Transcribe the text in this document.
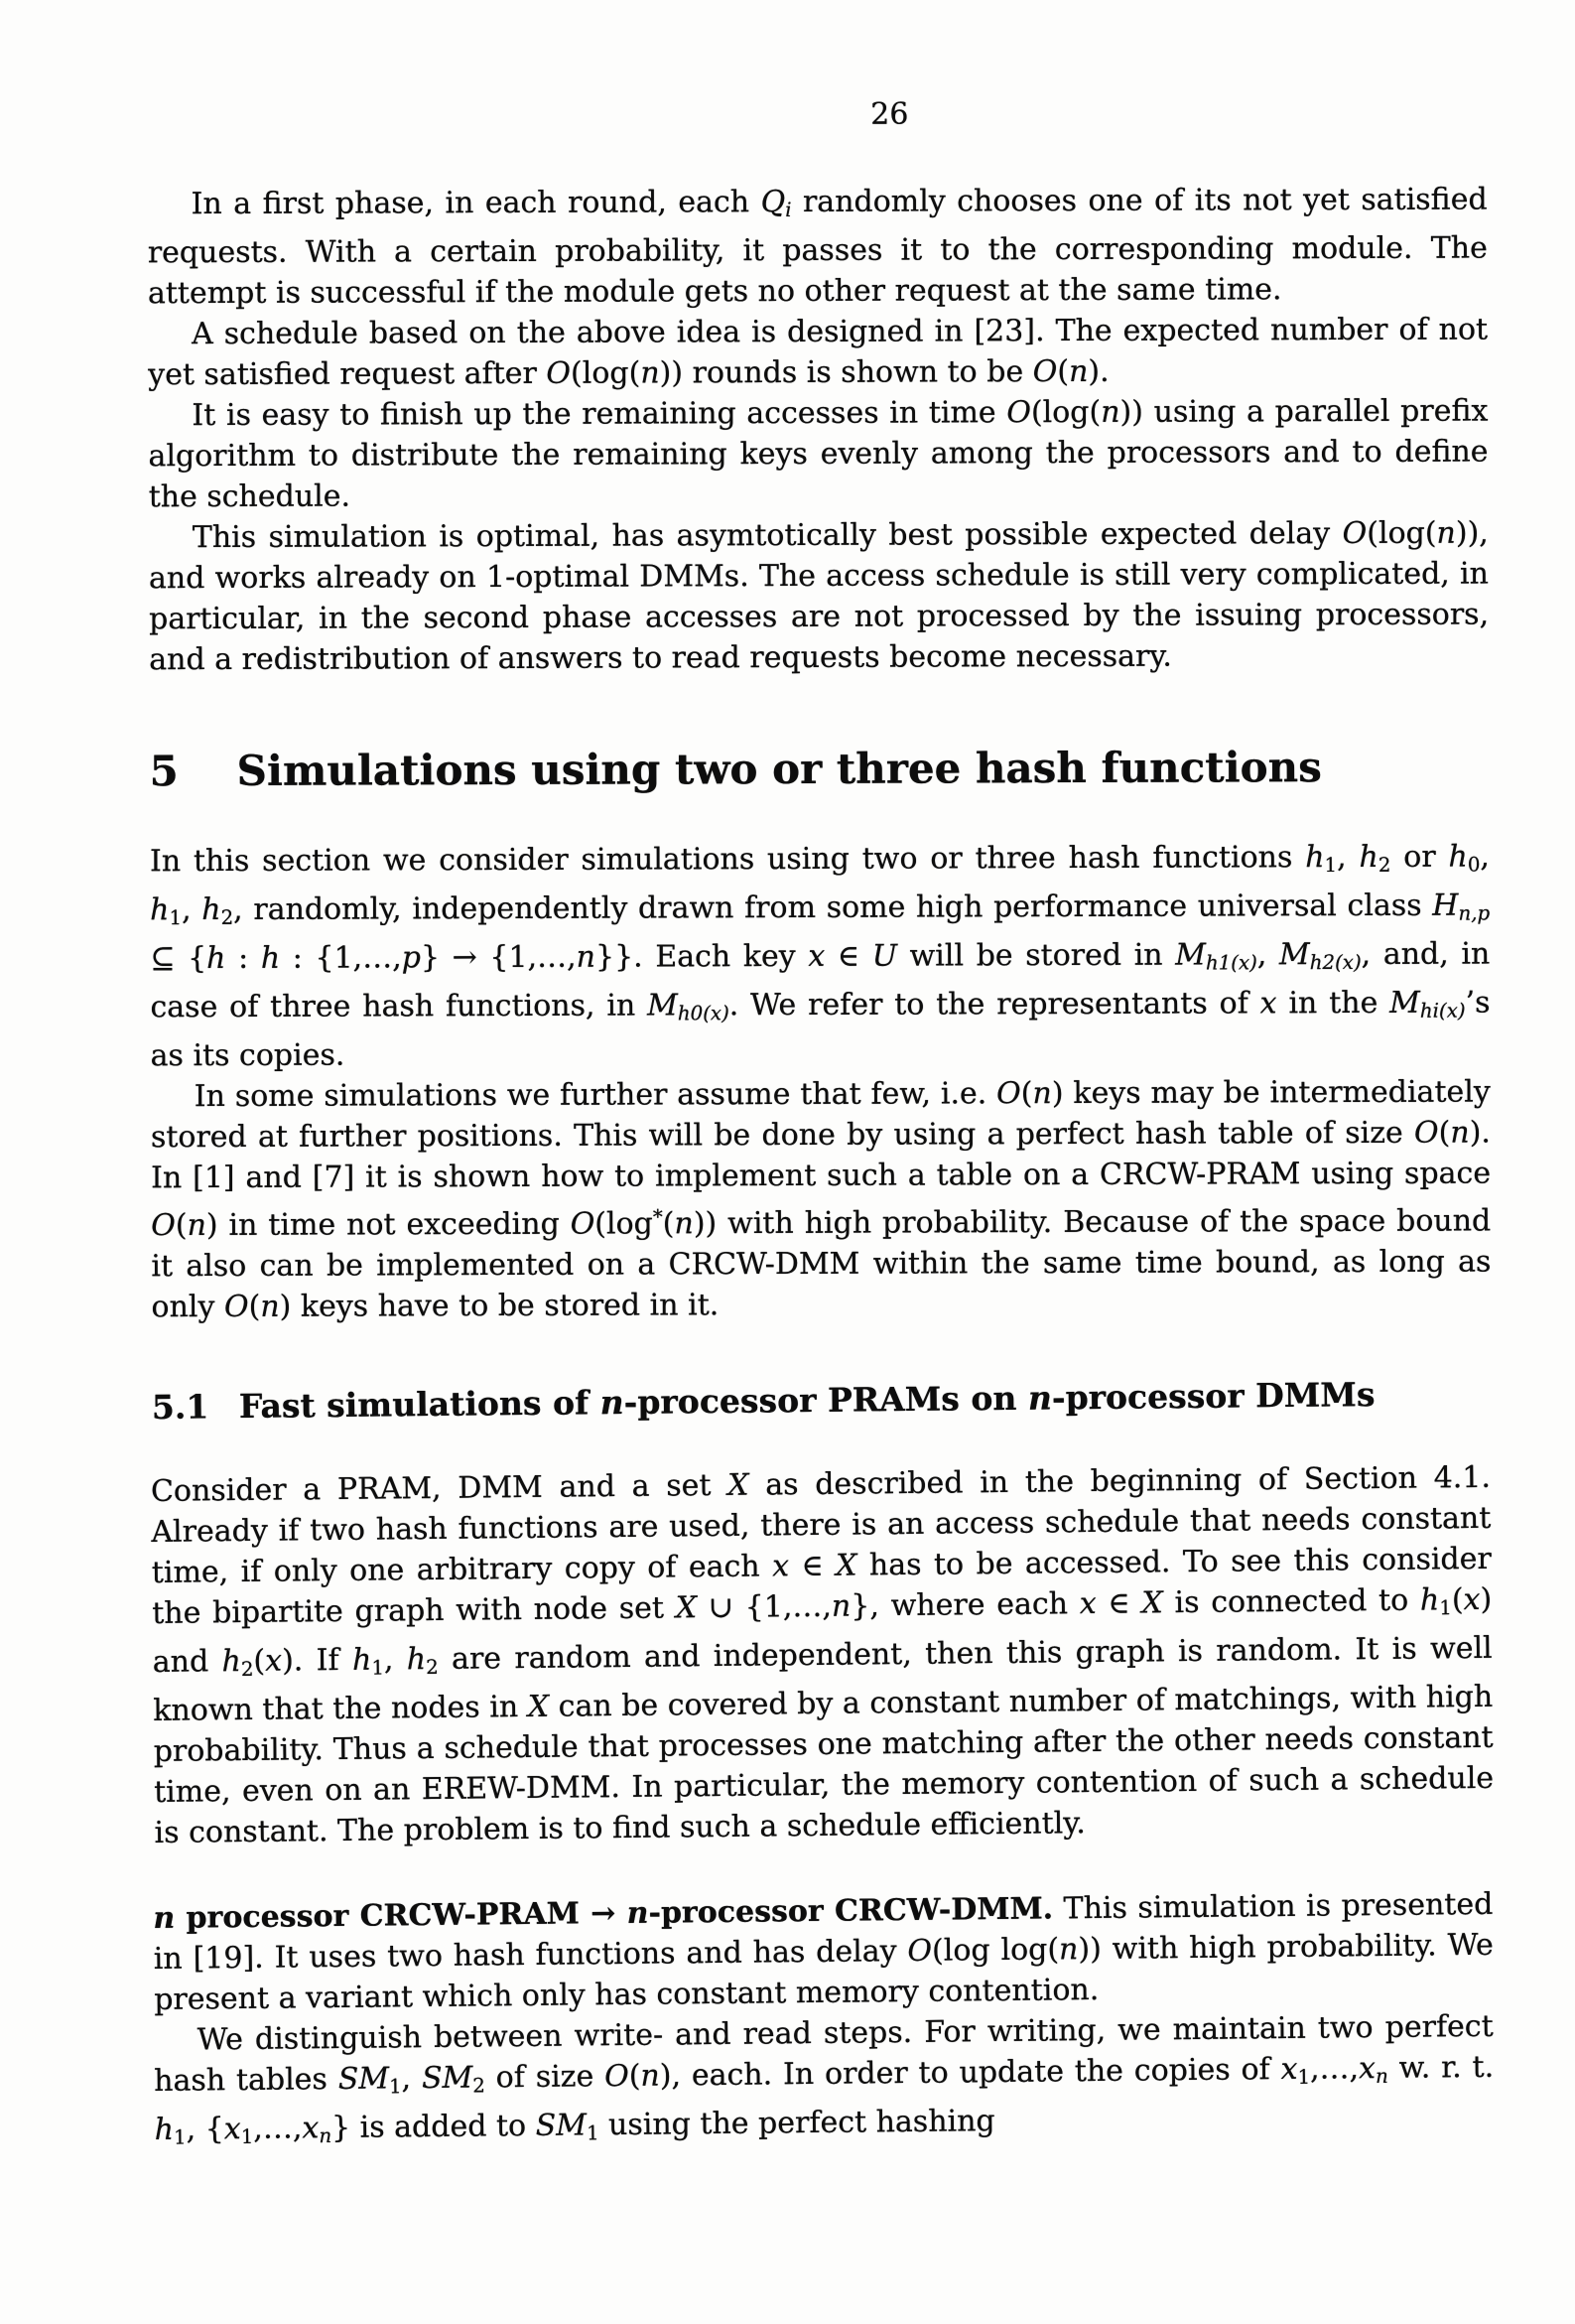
26

In a first phase, in each round, each Qi randomly chooses one of its not yet satisfied requests. With a certain probability, it passes it to the corresponding module. The attempt is successful if the module gets no other request at the same time.

A schedule based on the above idea is designed in [23]. The expected number of not yet satisfied request after O(log(n)) rounds is shown to be O(n).

It is easy to finish up the remaining accesses in time O(log(n)) using a parallel prefix algorithm to distribute the remaining keys evenly among the processors and to define the schedule.

This simulation is optimal, has asymtotically best possible expected delay O(log(n)), and works already on 1-optimal DMMs. The access schedule is still very complicated, in particular, in the second phase accesses are not processed by the issuing processors, and a redistribution of answers to read requests become necessary.

5 Simulations using two or three hash functions

In this section we consider simulations using two or three hash functions h1, h2 or h0, h1, h2, randomly, independently drawn from some high performance universal class Hn,p ⊆ {h : h : {1,…,p} → {1,…,n}}. Each key x ∈ U will be stored in Mh1(x), Mh2(x), and, in case of three hash functions, in Mh0(x). We refer to the representants of x in the Mhi(x)’s as its copies.

In some simulations we further assume that few, i.e. O(n) keys may be intermediately stored at further positions. This will be done by using a perfect hash table of size O(n). In [1] and [7] it is shown how to implement such a table on a CRCW-PRAM using space O(n) in time not exceeding O(log*(n)) with high probability. Because of the space bound it also can be implemented on a CRCW-DMM within the same time bound, as long as only O(n) keys have to be stored in it.

5.1 Fast simulations of n-processor PRAMs on n-processor DMMs

Consider a PRAM, DMM and a set X as described in the beginning of Section 4.1. Already if two hash functions are used, there is an access schedule that needs constant time, if only one arbitrary copy of each x ∈ X has to be accessed. To see this consider the bipartite graph with node set X ∪ {1,…,n}, where each x ∈ X is connected to h1(x) and h2(x). If h1, h2 are random and independent, then this graph is random. It is well known that the nodes in X can be covered by a constant number of matchings, with high probability. Thus a schedule that processes one matching after the other needs constant time, even on an EREW-DMM. In particular, the memory contention of such a schedule is constant. The problem is to find such a schedule efficiently.

n processor CRCW-PRAM → n-processor CRCW-DMM. This simulation is presented in [19]. It uses two hash functions and has delay O(log log(n)) with high probability. We present a variant which only has constant memory contention.

We distinguish between write- and read steps. For writing, we maintain two perfect hash tables SM1, SM2 of size O(n), each. In order to update the copies of x1,…,xn w. r. t. h1, {x1,…,xn} is added to SM1 using the perfect hashing
